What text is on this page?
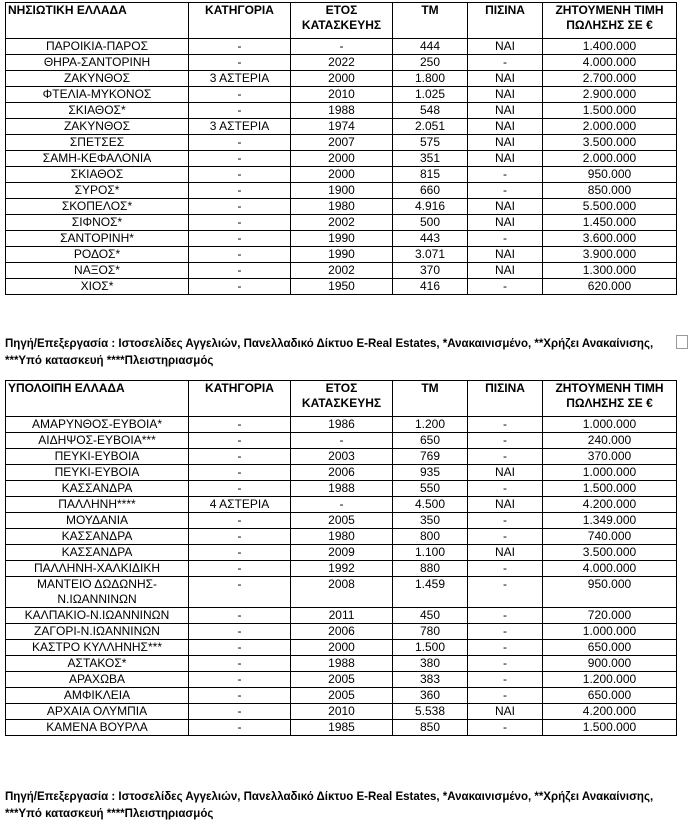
ΝΗΣΙΩΤΙΚΗ ΕΛΛΑΔΑ	ΚΑΤΗΓΟΡΙΑ	ΕΤΟΣ ΚΑΤΑΣΚΕΥΗΣ	ΤΜ	ΠΙΣΙΝΑ	ΖΗΤΟΥΜΕΝΗ ΤΙΜΗ ΠΩΛΗΣΗΣ ΣΕ €
ΠΑΡΟΙΚΙΑ-ΠΑΡΟΣ	-	-	444	ΝΑΙ	1.400.000
ΘΗΡΑ-ΣΑΝΤΟΡΙΝΗ	-	2022	250	-	4.000.000
ΖΑΚΥΝΘΟΣ	3 ΑΣΤΕΡΙΑ	2000	1.800	ΝΑΙ	2.700.000
ΦΤΕΛΙΑ-ΜΥΚΟΝΟΣ	-	2010	1.025	ΝΑΙ	2.900.000
ΣΚΙΑΘΟΣ*	-	1988	548	ΝΑΙ	1.500.000
ΖΑΚΥΝΘΟΣ	3 ΑΣΤΕΡΙΑ	1974	2.051	ΝΑΙ	2.000.000
ΣΠΕΤΣΕΣ	-	2007	575	ΝΑΙ	3.500.000
ΣΑΜΗ-ΚΕΦΑΛΟΝΙΑ	-	2000	351	ΝΑΙ	2.000.000
ΣΚΙΑΘΟΣ	-	2000	815	-	950.000
ΣΥΡΟΣ*	-	1900	660	-	850.000
ΣΚΟΠΕΛΟΣ*	-	1980	4.916	ΝΑΙ	5.500.000
ΣΙΦΝΟΣ*	-	2002	500	ΝΑΙ	1.450.000
ΣΑΝΤΟΡΙΝΗ*	-	1990	443	-	3.600.000
ΡΟΔΟΣ*	-	1990	3.071	ΝΑΙ	3.900.000
ΝΑΞΟΣ*	-	2002	370	ΝΑΙ	1.300.000
ΧΙΟΣ*	-	1950	416	-	620.000
Πηγή/Επεξεργασία : Ιστοσελίδες Αγγελιών, Πανελλαδικό Δίκτυο E-Real Estates, *Ανακαινισμένο, **Χρήζει Ανακαίνισης,
***Υπό κατασκευή ****Πλειστηριασμός
ΥΠΟΛΟΙΠΗ ΕΛΛΑΔΑ	ΚΑΤΗΓΟΡΙΑ	ΕΤΟΣ ΚΑΤΑΣΚΕΥΗΣ	ΤΜ	ΠΙΣΙΝΑ	ΖΗΤΟΥΜΕΝΗ ΤΙΜΗ ΠΩΛΗΣΗΣ ΣΕ €
ΑΜΑΡΥΝΘΟΣ-ΕΥΒΟΙΑ*	-	1986	1.200	-	1.000.000
ΑΙΔΗΨΟΣ-ΕΥΒΟΙΑ***	-	-	650	-	240.000
ΠΕΥΚΙ-ΕΥΒΟΙΑ	-	2003	769	-	370.000
ΠΕΥΚΙ-ΕΥΒΟΙΑ	-	2006	935	ΝΑΙ	1.000.000
ΚΑΣΣΑΝΔΡΑ	-	1988	550	-	1.500.000
ΠΑΛΛΗΝΗ****	4 ΑΣΤΕΡΙΑ	-	4.500	ΝΑΙ	4.200.000
ΜΟΥΔΑΝΙΑ	-	2005	350	-	1.349.000
ΚΑΣΣΑΝΔΡΑ	-	1980	800	-	740.000
ΚΑΣΣΑΝΔΡΑ	-	2009	1.100	ΝΑΙ	3.500.000
ΠΑΛΛΗΝΗ-ΧΑΛΚΙΔΙΚΗ	-	1992	880	-	4.000.000
ΜΑΝΤΕΙΟ ΔΩΔΩΝΗΣ-Ν.ΙΩΑΝΝΙΝΩΝ	-	2008	1.459	-	950.000
ΚΑΛΠΑΚΙΟ-Ν.ΙΩΑΝΝΙΝΩΝ	-	2011	450	-	720.000
ΖΑΓΟΡΙ-Ν.ΙΩΑΝΝΙΝΩΝ	-	2006	780	-	1.000.000
ΚΑΣΤΡΟ ΚΥΛΛΗΝΗΣ***	-	2000	1.500	-	650.000
ΑΣΤΑΚΟΣ*	-	1988	380	-	900.000
ΑΡΑΧΩΒΑ	-	2005	383	-	1.200.000
ΑΜΦΙΚΛΕΙΑ	-	2005	360	-	650.000
ΑΡΧΑΙΑ ΟΛΥΜΠΙΑ	-	2010	5.538	ΝΑΙ	4.200.000
ΚΑΜΕΝΑ ΒΟΥΡΛΑ	-	1985	850	-	1.500.000
Πηγή/Επεξεργασία : Ιστοσελίδες Αγγελιών, Πανελλαδικό Δίκτυο E-Real Estates, *Ανακαινισμένο, **Χρήζει Ανακαίνισης,
***Υπό κατασκευή ****Πλειστηριασμός
